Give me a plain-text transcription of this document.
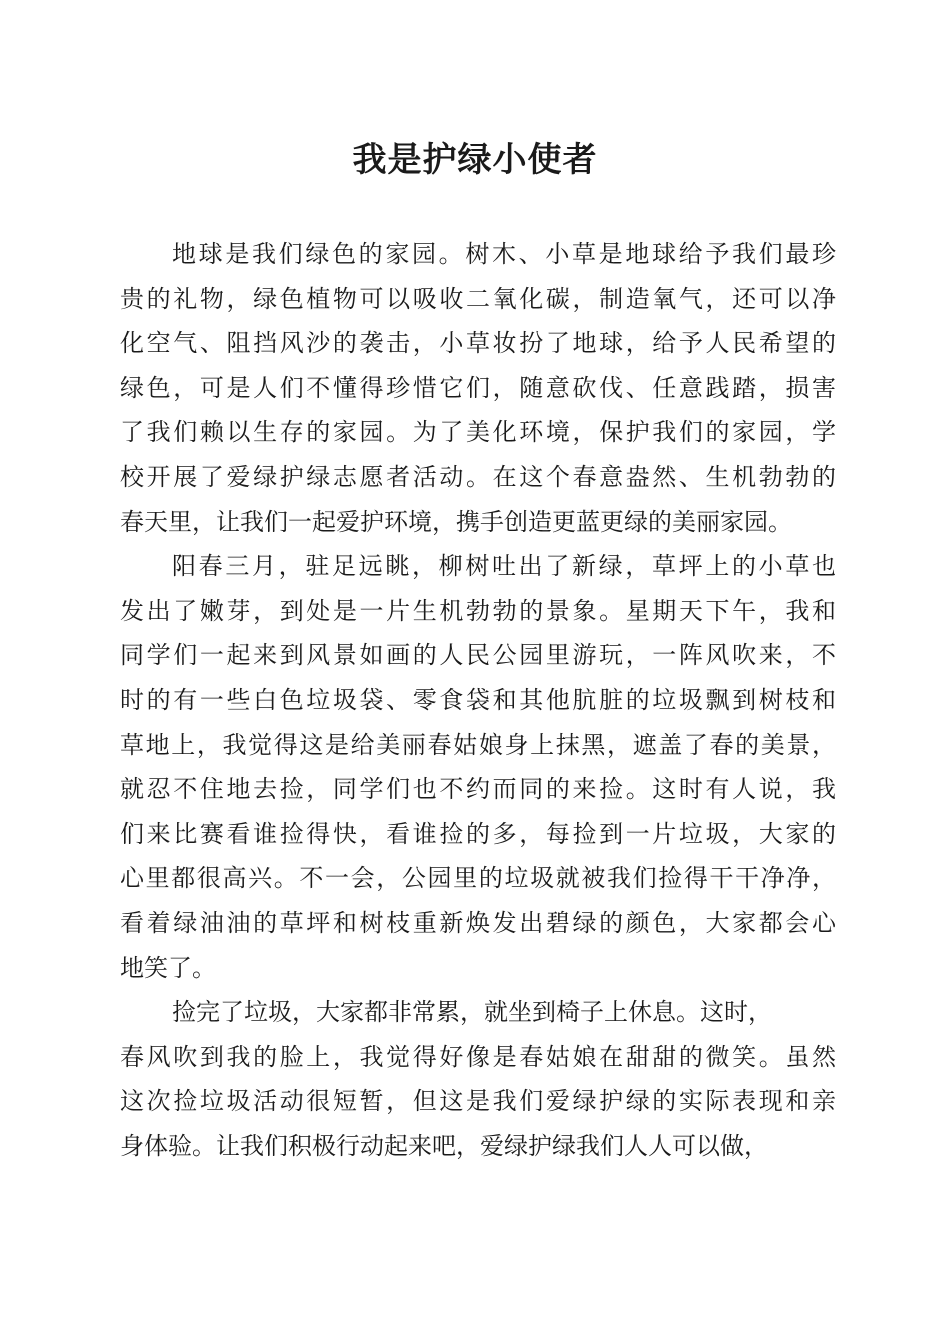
我是护绿小使者
地球是我们绿色的家园。树木、小草是地球给予我们最珍
贵的礼物，绿色植物可以吸收二氧化碳，制造氧气，还可以净
化空气、阻挡风沙的袭击，小草妆扮了地球，给予人民希望的
绿色，可是人们不懂得珍惜它们，随意砍伐、任意践踏，损害
了我们赖以生存的家园。为了美化环境，保护我们的家园，学
校开展了爱绿护绿志愿者活动。在这个春意盎然、生机勃勃的
春天里，让我们一起爱护环境，携手创造更蓝更绿的美丽家园。
阳春三月，驻足远眺，柳树吐出了新绿，草坪上的小草也
发出了嫩芽，到处是一片生机勃勃的景象。星期天下午，我和
同学们一起来到风景如画的人民公园里游玩，一阵风吹来，不
时的有一些白色垃圾袋、零食袋和其他肮脏的垃圾飘到树枝和
草地上，我觉得这是给美丽春姑娘身上抹黑，遮盖了春的美景，
就忍不住地去捡，同学们也不约而同的来捡。这时有人说，我
们来比赛看谁捡得快，看谁捡的多，每捡到一片垃圾，大家的
心里都很高兴。不一会，公园里的垃圾就被我们捡得干干净净，
看着绿油油的草坪和树枝重新焕发出碧绿的颜色，大家都会心
地笑了。
捡完了垃圾，大家都非常累，就坐到椅子上休息。这时，
春风吹到我的脸上，我觉得好像是春姑娘在甜甜的微笑。虽然
这次捡垃圾活动很短暂，但这是我们爱绿护绿的实际表现和亲
身体验。让我们积极行动起来吧，爱绿护绿我们人人可以做，
